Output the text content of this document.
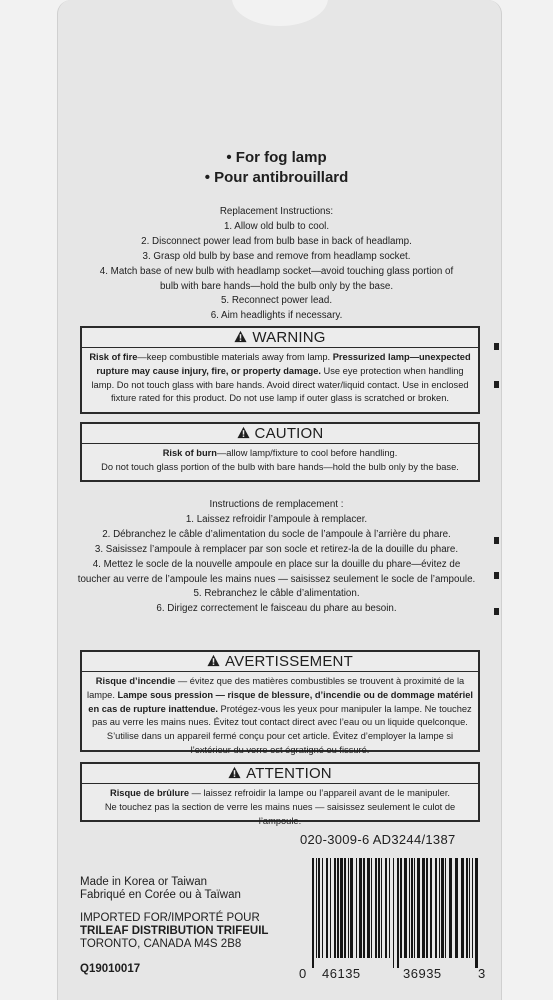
• For fog lamp
• Pour antibrouillard
Replacement Instructions:
1. Allow old bulb to cool.
2. Disconnect power lead from bulb base in back of headlamp.
3. Grasp old bulb by base and remove from headlamp socket.
4. Match base of new bulb with headlamp socket—avoid touching glass portion of
bulb with bare hands—hold the bulb only by the base.
5. Reconnect power lead.
6. Aim headlights if necessary.
WARNING
Risk of fire—keep combustible materials away from lamp. Pressurized lamp—unexpected rupture may cause injury, fire, or property damage. Use eye protection when handling lamp. Do not touch glass with bare hands. Avoid direct water/liquid contact. Use in enclosed fixture rated for this product. Do not use lamp if outer glass is scratched or broken.
CAUTION
Risk of burn—allow lamp/fixture to cool before handling.
Do not touch glass portion of the bulb with bare hands—hold the bulb only by the base.
Instructions de remplacement :
1. Laissez refroidir l’ampoule à remplacer.
2. Débranchez le câble d’alimentation du socle de l’ampoule à l’arrière du phare.
3. Saisissez l’ampoule à remplacer par son socle et retirez-la de la douille du phare.
4. Mettez le socle de la nouvelle ampoule en place sur la douille du phare—évitez de
toucher au verre de l’ampoule les mains nues — saisissez seulement le socle de l’ampoule.
5. Rebranchez le câble d’alimentation.
6. Dirigez correctement le faisceau du phare au besoin.
AVERTISSEMENT
Risque d’incendie — évitez que des matières combustibles se trouvent à proximité de la lampe. Lampe sous pression — risque de blessure, d’incendie ou de dommage matériel en cas de rupture inattendue. Protégez-vous les yeux pour manipuler la lampe. Ne touchez pas au verre les mains nues. Évitez tout contact direct avec l’eau ou un liquide quelconque. S’utilise dans un appareil fermé conçu pour cet article. Évitez d’employer la lampe si l’extérieur du verre est égratigné ou fissuré.
ATTENTION
Risque de brûlure — laissez refroidir la lampe ou l’appareil avant de le manipuler.
Ne touchez pas la section de verre les mains nues — saisissez seulement le culot de l’ampoule.
020-3009-6 AD3244/1387
Made in Korea or Taiwan
Fabriqué en Corée ou à Taïwan
IMPORTED FOR/IMPORTÉ POUR
TRILEAF DISTRIBUTION TRIFEUIL
TORONTO, CANADA M4S 2B8
Q19010017	0 46135	36935	3
